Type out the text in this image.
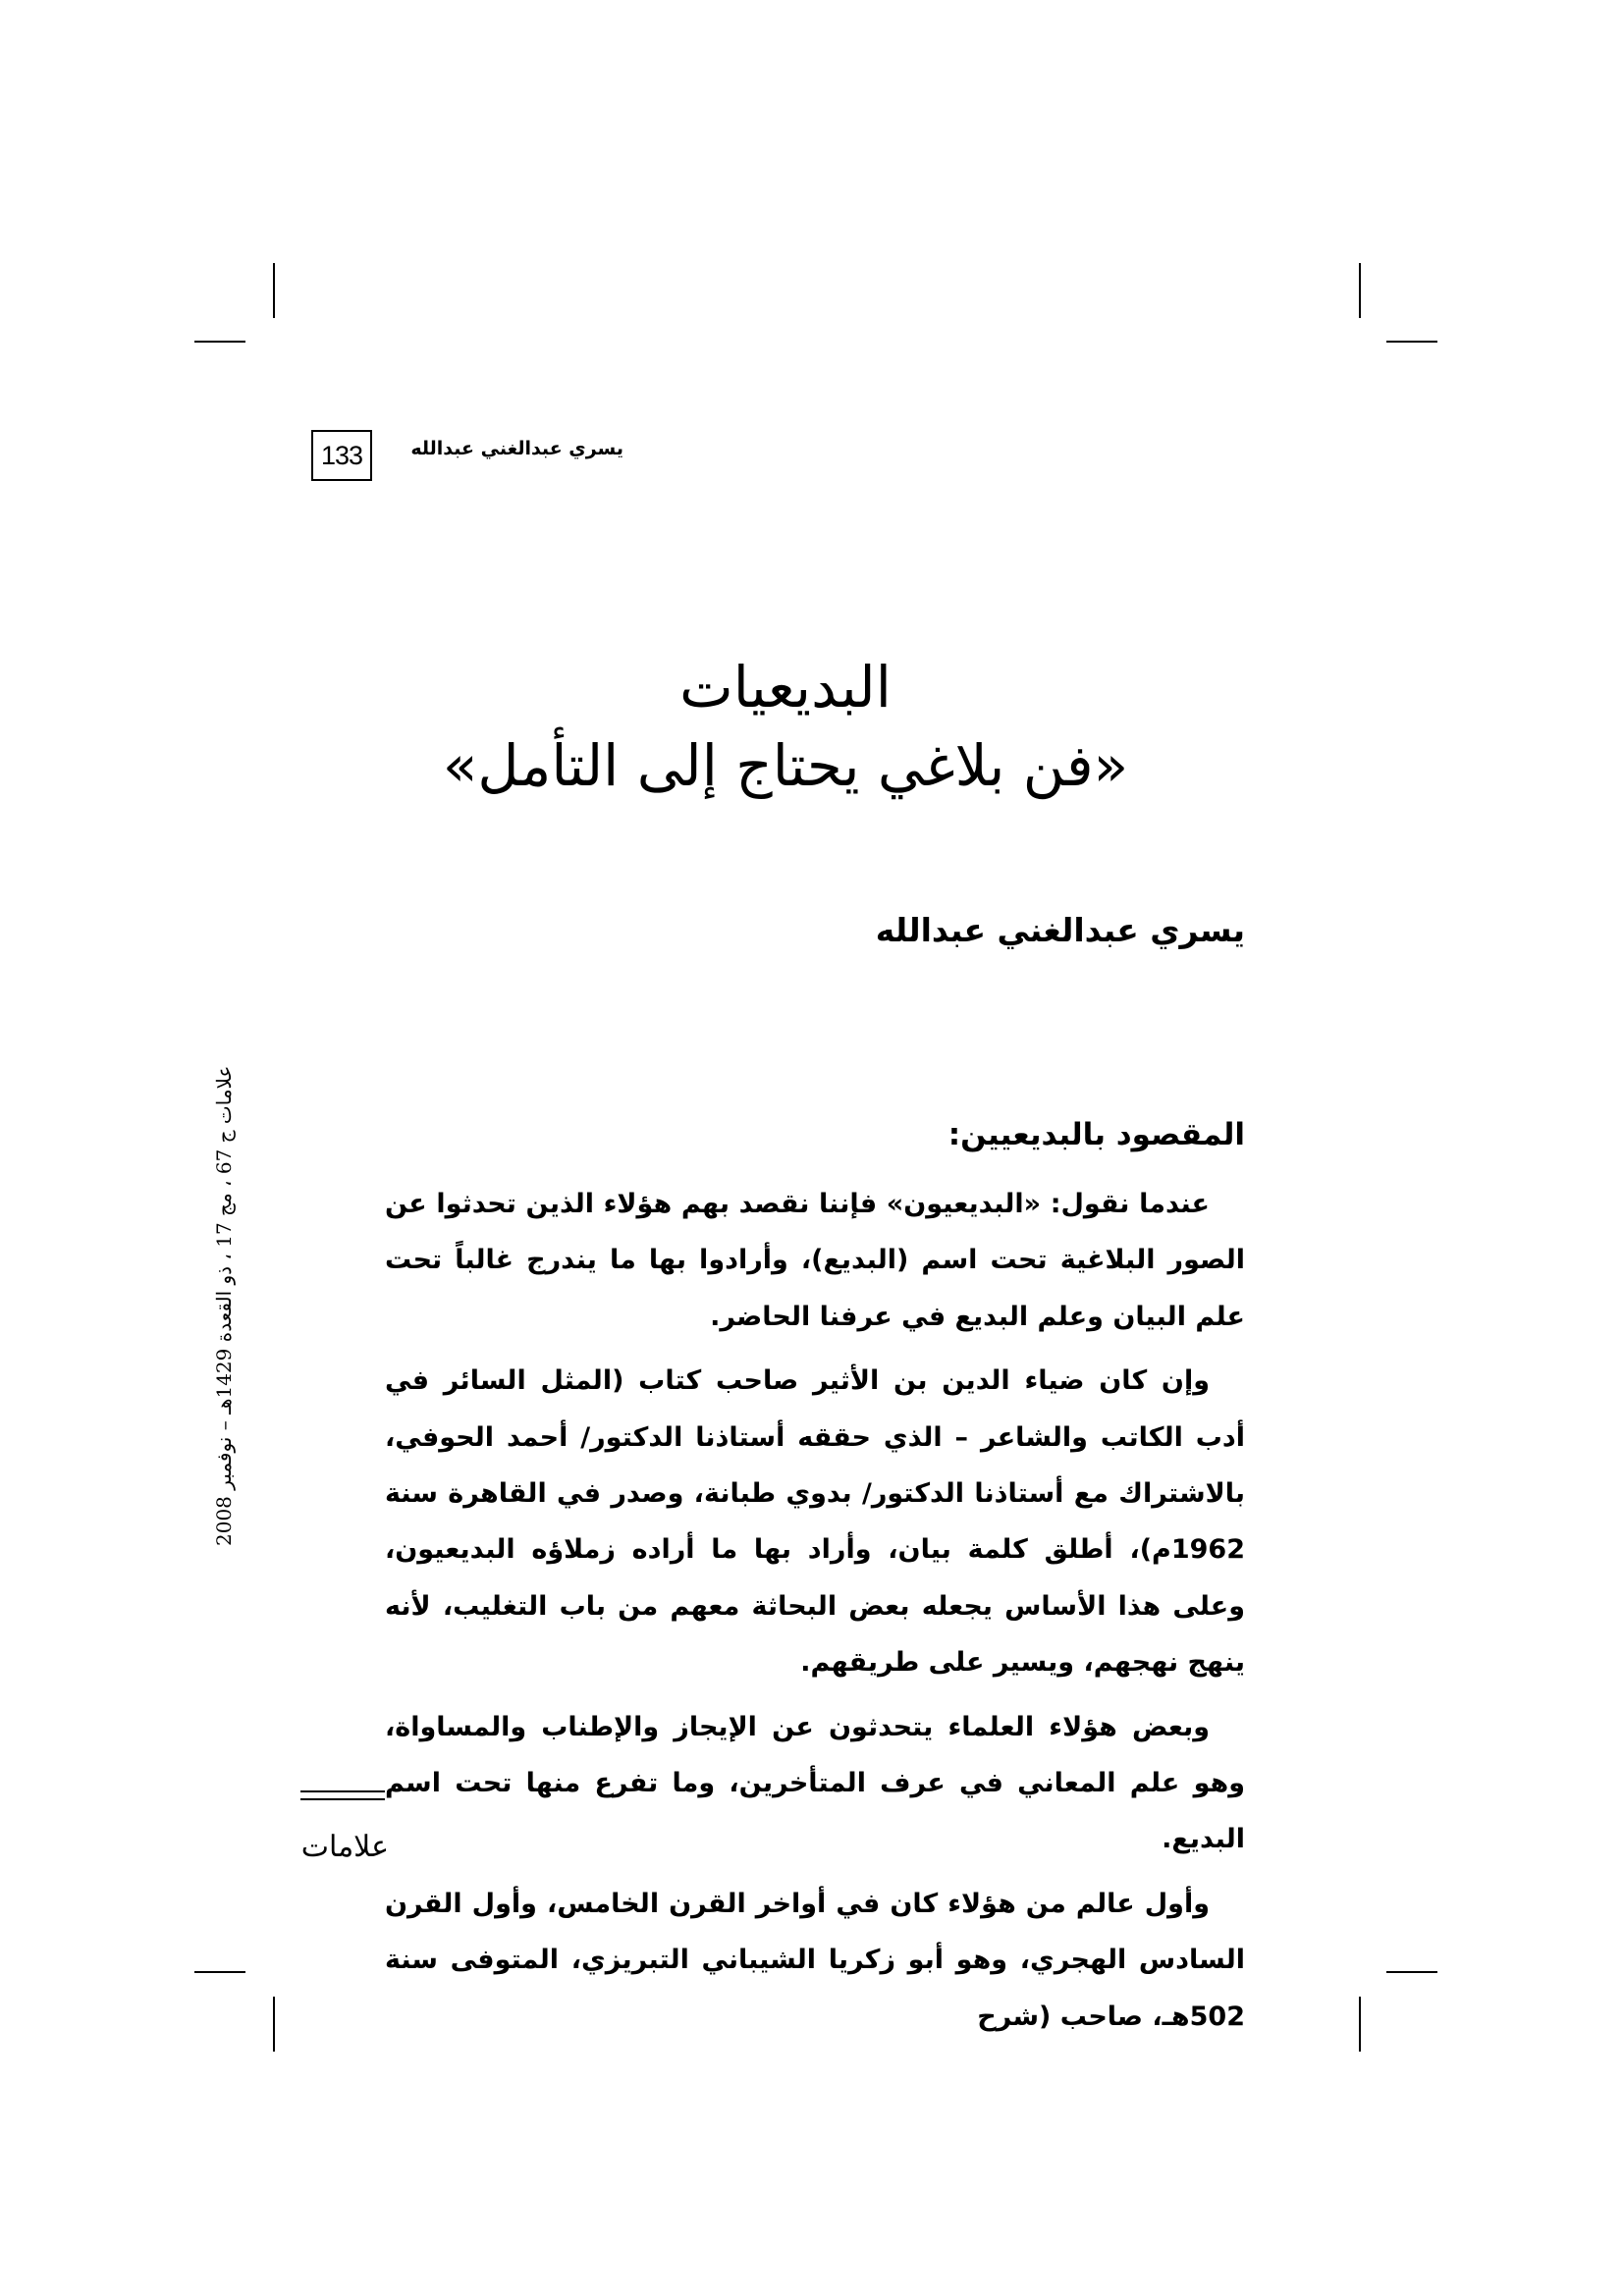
133	يسري عبدالغني عبدالله
البديعيات
«فن بلاغي يحتاج إلى التأمل»
يسري عبدالغني عبدالله
المقصود بالبديعيين:

عندما نقول: «البديعيون» فإننا نقصد بهم هؤلاء الذين تحدثوا عن الصور البلاغية تحت اسم (البديع)، وأرادوا بها ما يندرج غالباً تحت علم البيان وعلم البديع في عرفنا الحاضر.

وإن كان ضياء الدين بن الأثير صاحب كتاب (المثل السائر في أدب الكاتب والشاعر – الذي حققه أستاذنا الدكتور/ أحمد الحوفي، بالاشتراك مع أستاذنا الدكتور/ بدوي طبانة، وصدر في القاهرة سنة 1962م)، أطلق كلمة بيان، وأراد بها ما أراده زملاؤه البديعيون، وعلى هذا الأساس يجعله بعض البحاثة معهم من باب التغليب، لأنه ينهج نهجهم، ويسير على طريقهم.

وبعض هؤلاء العلماء يتحدثون عن الإيجاز والإطناب والمساواة، وهو علم المعاني في عرف المتأخرين، وما تفرع منها تحت اسم البديع.

وأول عالم من هؤلاء كان في أواخر القرن الخامس، وأول القرن السادس الهجري، وهو أبو زكريا الشيباني التبريزي، المتوفى سنة 502هـ، صاحب (شرح

علامات ج 67 ، مج 17 ، ذو القعدة 1429هـ – نوفمبر 2008
علامات
